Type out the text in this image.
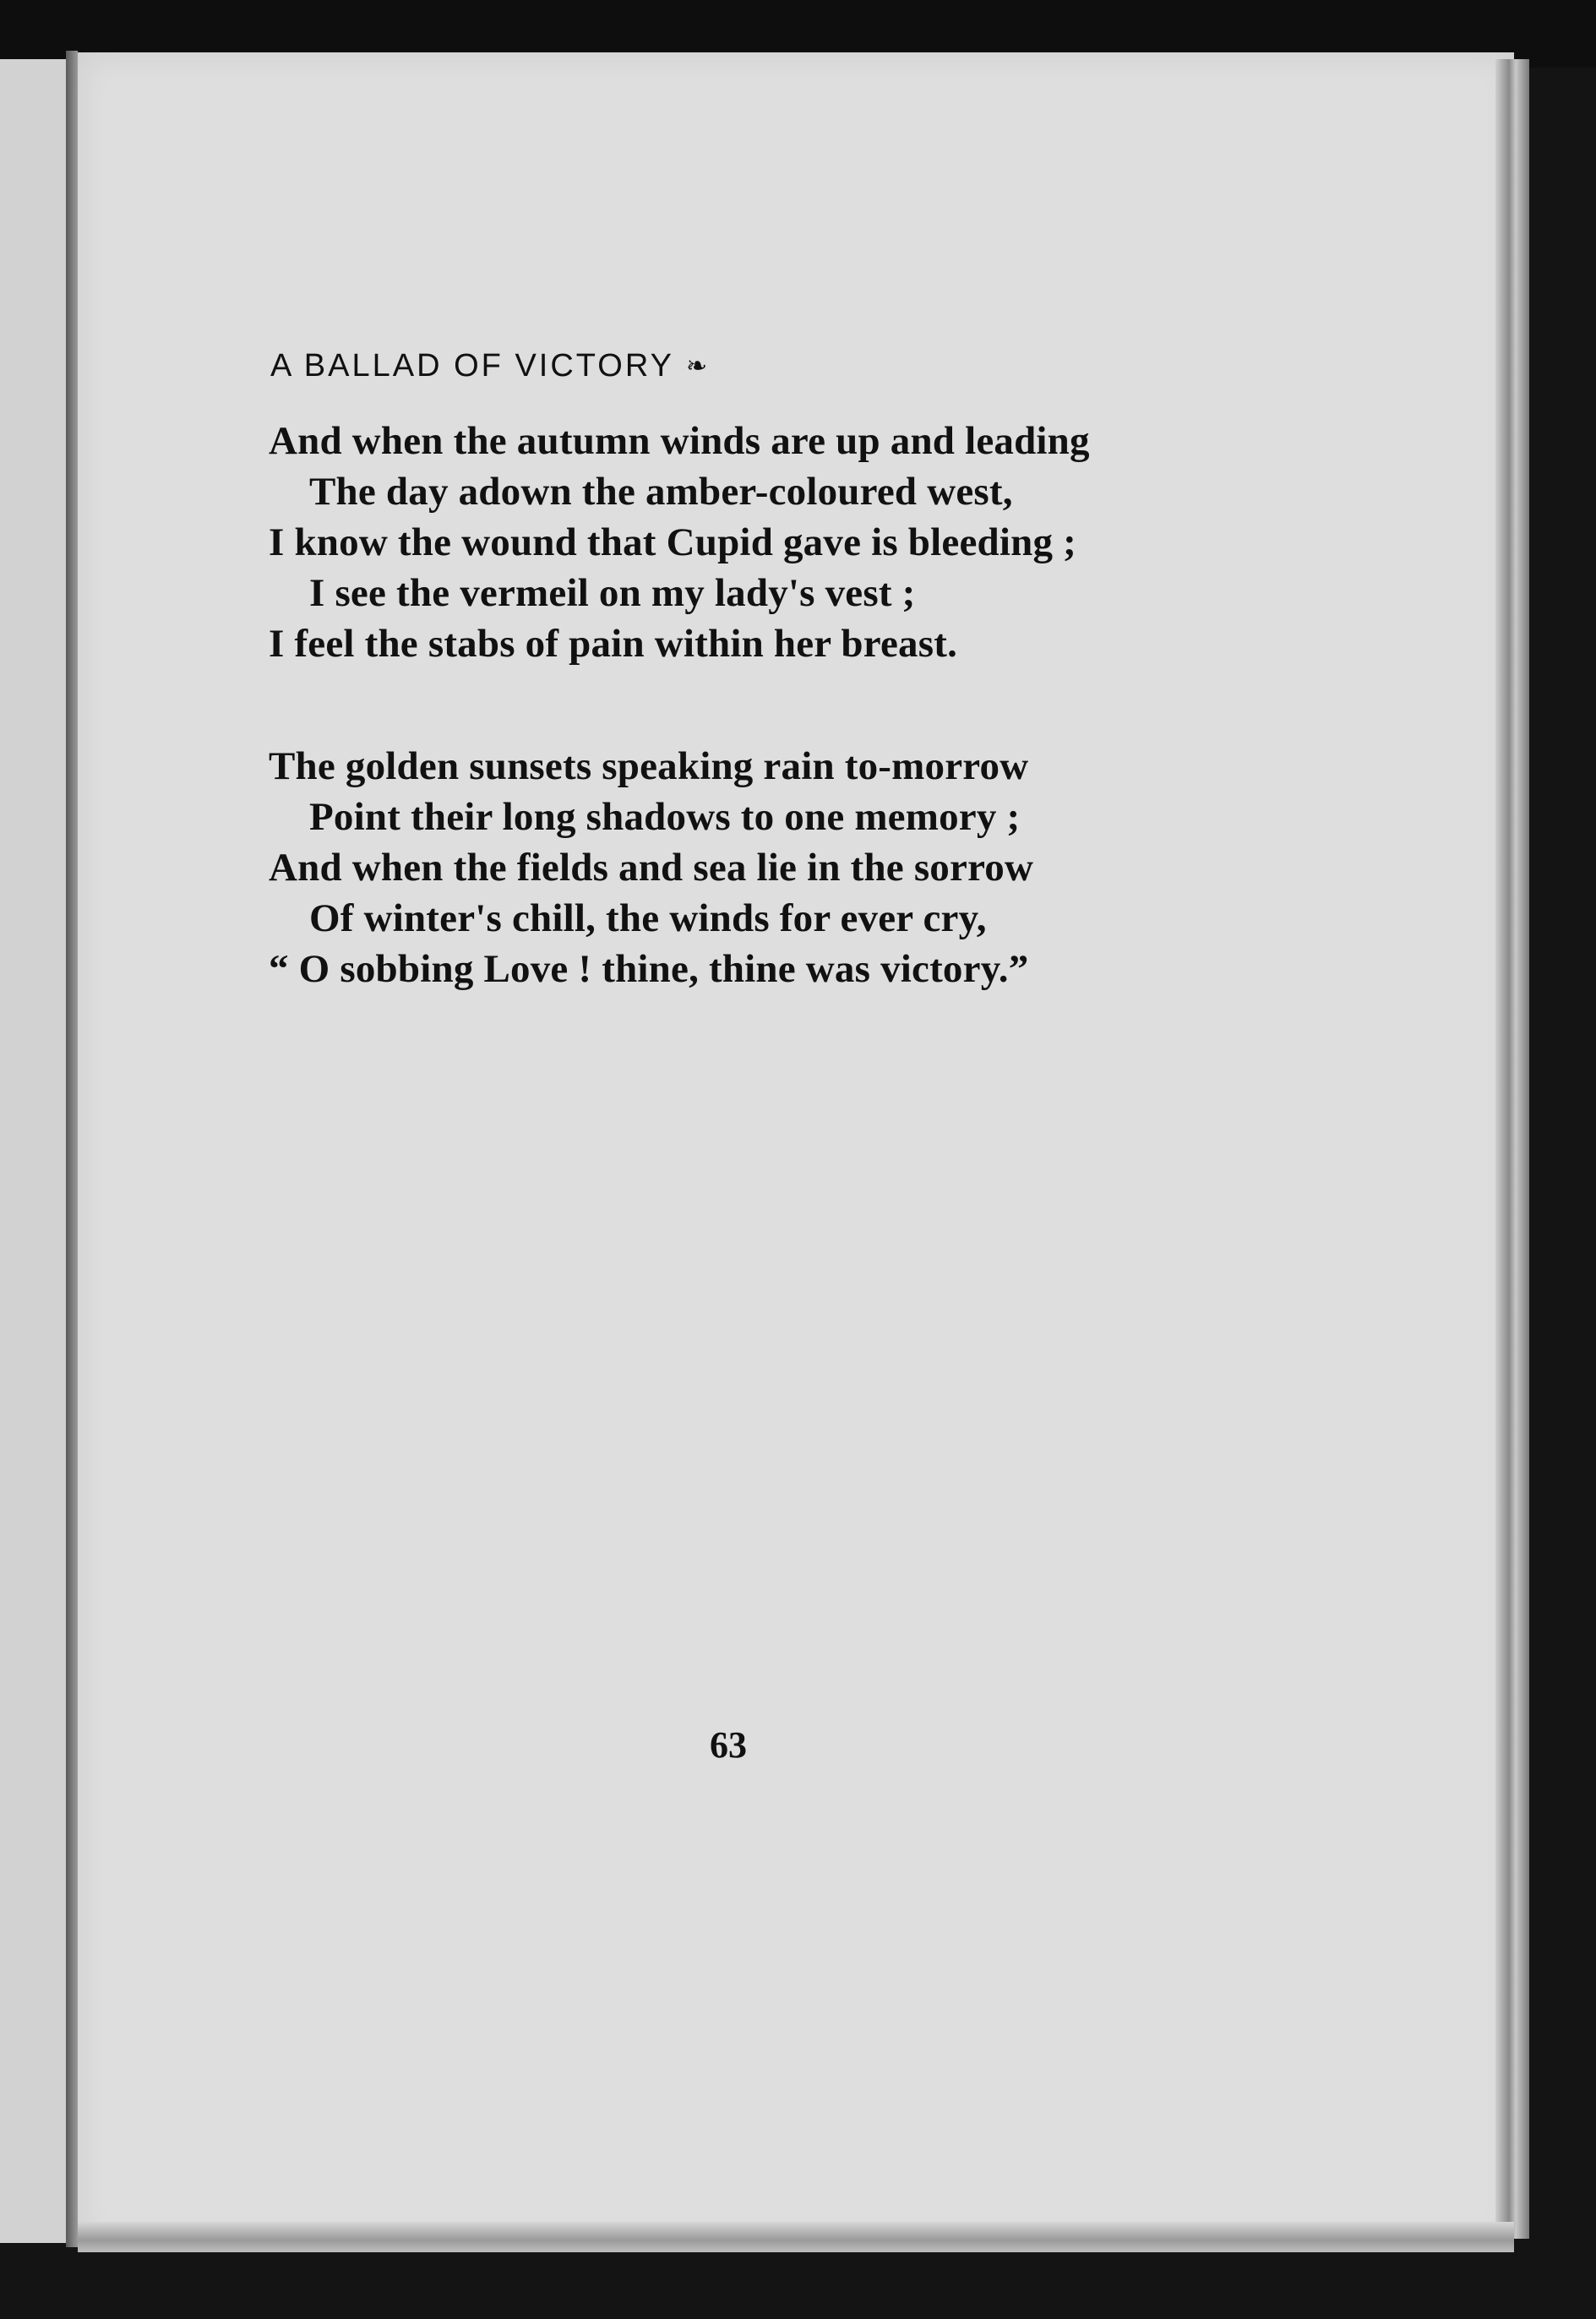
A BALLAD OF VICTORY ❧
And when the autumn winds are up and leading
The day adown the amber-coloured west,
I know the wound that Cupid gave is bleeding ;
I see the vermeil on my lady's vest ;
I feel the stabs of pain within her breast.
The golden sunsets speaking rain to-morrow
Point their long shadows to one memory ;
And when the fields and sea lie in the sorrow
Of winter's chill, the winds for ever cry,
“ O sobbing Love ! thine, thine was victory.”
63
